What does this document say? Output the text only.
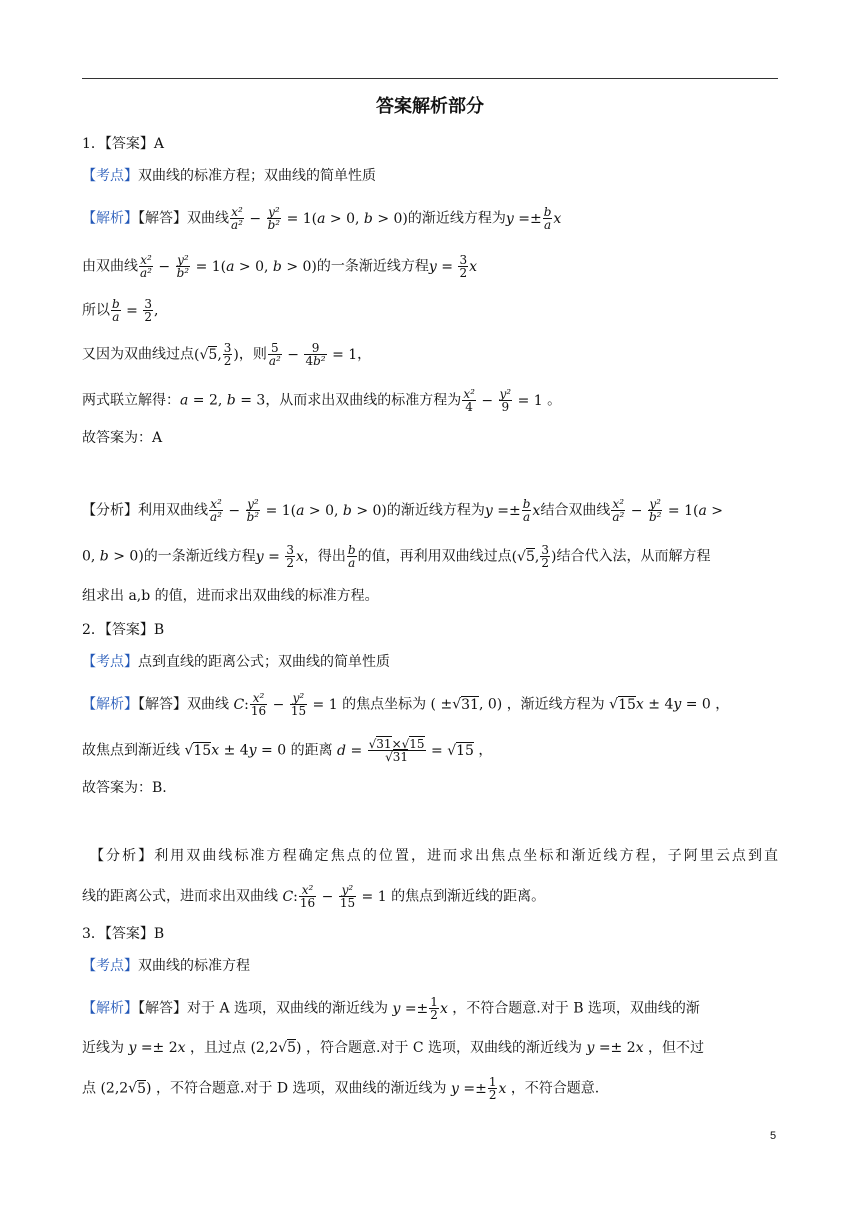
答案解析部分
1．【答案】A
【考点】双曲线的标准方程；双曲线的简单性质
【解析】【解答】双曲线 $\frac{\text{x²}}{\text{a²}} - \frac{\text{y²}}{\text{b²}} = 1(a > 0$, b > 0)的渐近线方程为$y =\pm \frac{b}{a}$ x
由双曲线 $\frac{\text{x²}}{\text{a²}} - \frac{\text{y²}}{\text{b²}} = 1(a > 0$, b > 0)的一条渐近线方程$y = \frac{3}{2}$ x
所以 $\frac{b}{a} = \frac{3}{2}$ ,
又因为双曲线过点(√5, $\frac{3}{2}$ )，则 $\frac{5}{\text{a²}} - \frac{9}{\text{4b²}} = 1$，
两式联立解得：a = 2, b = 3，从而求出双曲线的标准方程为 $\frac{\text{x²}}{4} - \frac{\text{y²}}{9} = 1$ 。
故答案为：A
【分析】利用双曲线 $\frac{\text{x²}}{\text{a²}} - \frac{\text{y²}}{\text{b²}} = 1(a > 0$, b > 0)的渐近线方程为$y =\pm \frac{b}{a}$ x结合双曲线 $\frac{\text{x²}}{\text{a²}} - \frac{\text{y²}}{\text{b²}} = 1(a$ >
0, b > 0)的一条渐近线方程$y = \frac{3}{2}$ x，得出 $\frac{b}{a}$ 的值，再利用双曲线过点(√5, $\frac{3}{2}$ )结合代入法，从而解方程
组求出 a,b 的值，进而求出双曲线的标准方程。
2．【答案】B
【考点】点到直线的距离公式；双曲线的简单性质
【解析】【解答】双曲线 C: $\frac{\text{x²}}{16} - \frac{\text{y²}}{15} = 1$ 的焦点坐标为 ( ±√31, 0) ，渐近线方程为 √15x ± 4y = 0 ，
故焦点到渐近线 √15x ± 4y = 0 的距离 $d = \frac{√31\times√15}{√31} = √15$ ，
故答案为：B.
【分析】利用双曲线标准方程确定焦点的位置，进而求出焦点坐标和渐近线方程，子阿里云点到直
线的距离公式，进而求出双曲线 C: $\frac{\text{x²}}{16} - \frac{\text{y²}}{15} = 1$ 的焦点到渐近线的距离。
3．【答案】B
【考点】双曲线的标准方程
【解析】【解答】对于 A 选项，双曲线的渐近线为 $y =\pm \frac{1}{2}$ x ，不符合题意.对于 B 选项，双曲线的渐
近线为 y =± 2x ，且过点 (2,2√5) ，符合题意.对于 C 选项，双曲线的渐近线为 y =± 2x ，但不过
点 (2,2√5) ，不符合题意.对于 D 选项，双曲线的渐近线为 $y =\pm \frac{1}{2}$ x ，不符合题意.
5
